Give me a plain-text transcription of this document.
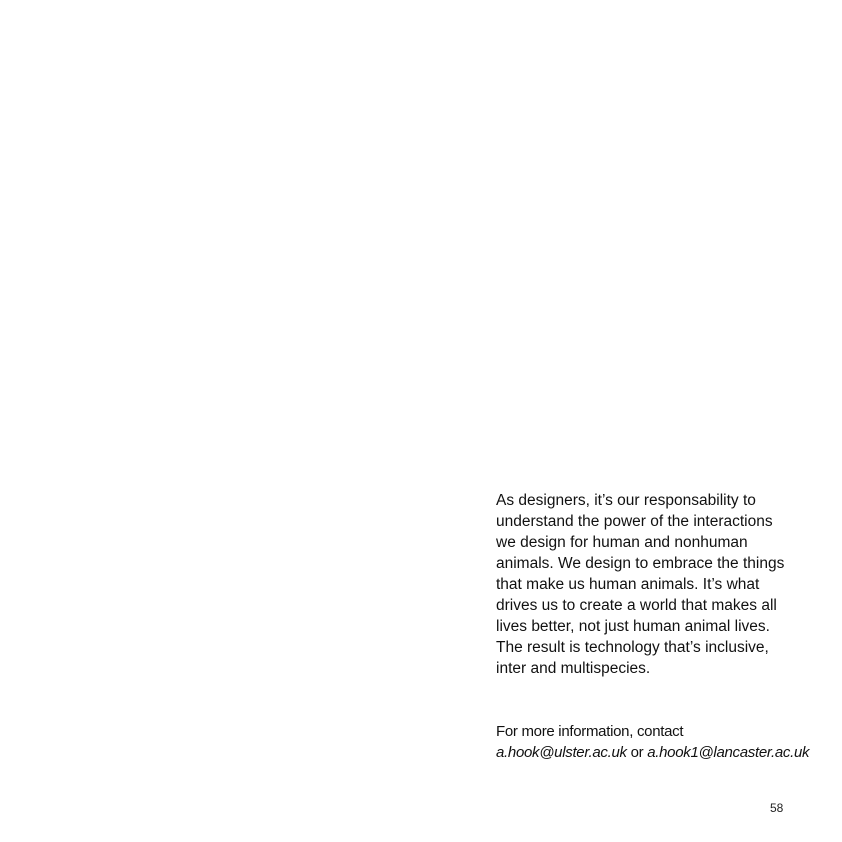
As designers, it’s our responsability to
understand the power of the interactions
we design for human and nonhuman
animals. We design to embrace the things
that make us human animals. It’s what
drives us to create a world that makes all
lives better, not just human animal lives.
The result is technology that’s inclusive,
inter and multispecies.
For more information, contact
a.hook@ulster.ac.uk or a.hook1@lancaster.ac.uk
58
